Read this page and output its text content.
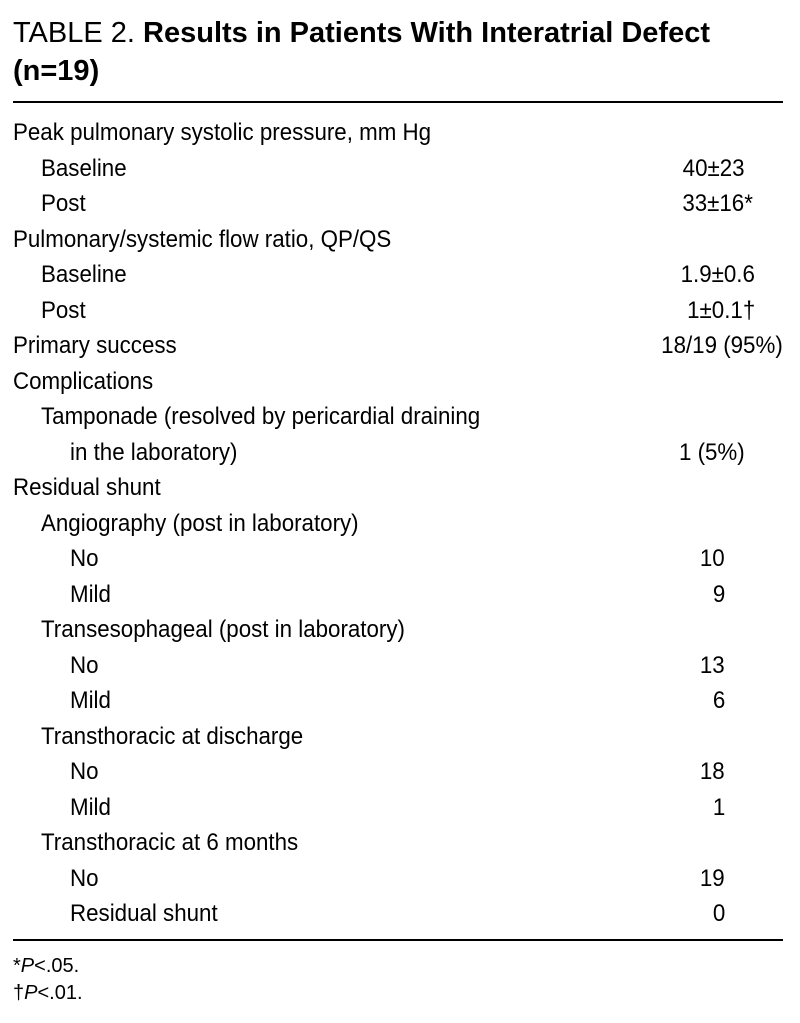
TABLE 2. Results in Patients With Interatrial Defect (n=19)
Peak pulmonary systolic pressure, mm Hg
Baseline	40±23
Post	33±16*
Pulmonary/systemic flow ratio, QP/QS
Baseline	1.9±0.6
Post	1±0.1†
Primary success	18/19 (95%)
Complications
Tamponade (resolved by pericardial draining
in the laboratory)	1 (5%)
Residual shunt
Angiography (post in laboratory)
No	10
Mild	9
Transesophageal (post in laboratory)
No	13
Mild	6
Transthoracic at discharge
No	18
Mild	1
Transthoracic at 6 months
No	19
Residual shunt	0
*P<.05.
†P<.01.
